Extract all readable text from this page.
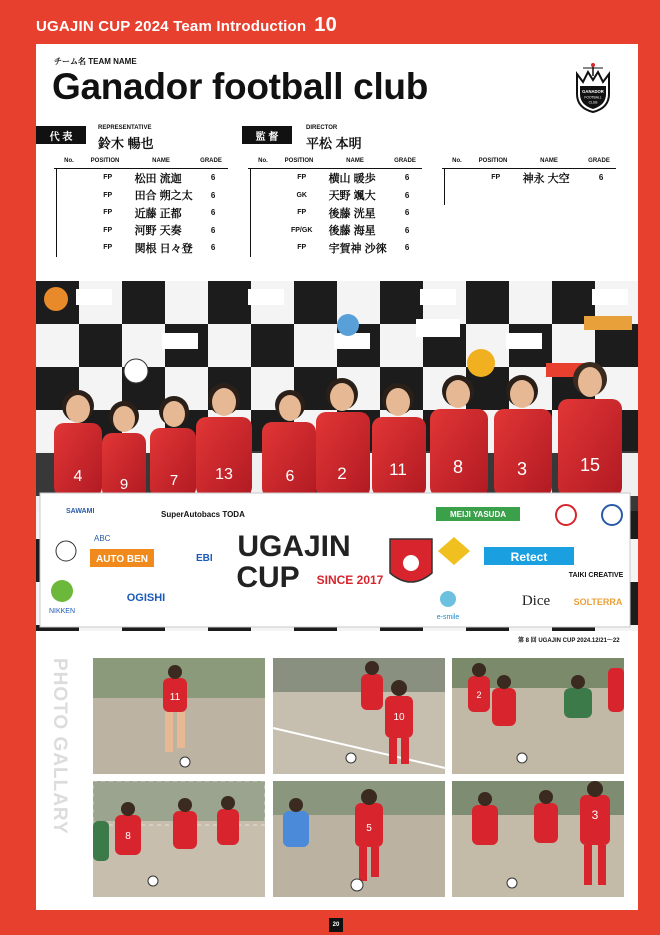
UGAJIN CUP 2024 Team Introduction 10
チーム名 TEAM NAME
Ganador football club	GANADOR
FOOTBALL
CLUB
代 表
REPRESENTATIVE
鈴木 暢也	監 督
DIRECTOR
平松 本明
No.	POSITION	NAME	GRADE
FP	松田 流迦	6
FP	田合 朔之太	6
FP	近藤 正都	6
FP	河野 天奏	6
FP	関根 日々登	6
No.	POSITION	NAME	GRADE
FP	横山 暖歩	6
GK	天野 颯大	6
FP	後藤 洸星	6
FP/GK	後藤 海星	6
FP	宇賀神 沙徠	6
No.	POSITION	NAME	GRADE
FP	神永 大空	6
4 9	7 13	6	2 11	8	3	15
UGAJIN
CUP SINCE 2017
SAWAMI
ABC
SuperAutobacs TODA
AUTO BEN	EBI
NIKKEN
OGISHI
MEIJI YASUDA
Retect
TAIKI CREATIVE
Dice	SOLTERRA
e-smile
第 8 回 UGAJIN CUP 2024.12/21～22
PHOTO GALLARY	11
10
2
8
5
3
20
